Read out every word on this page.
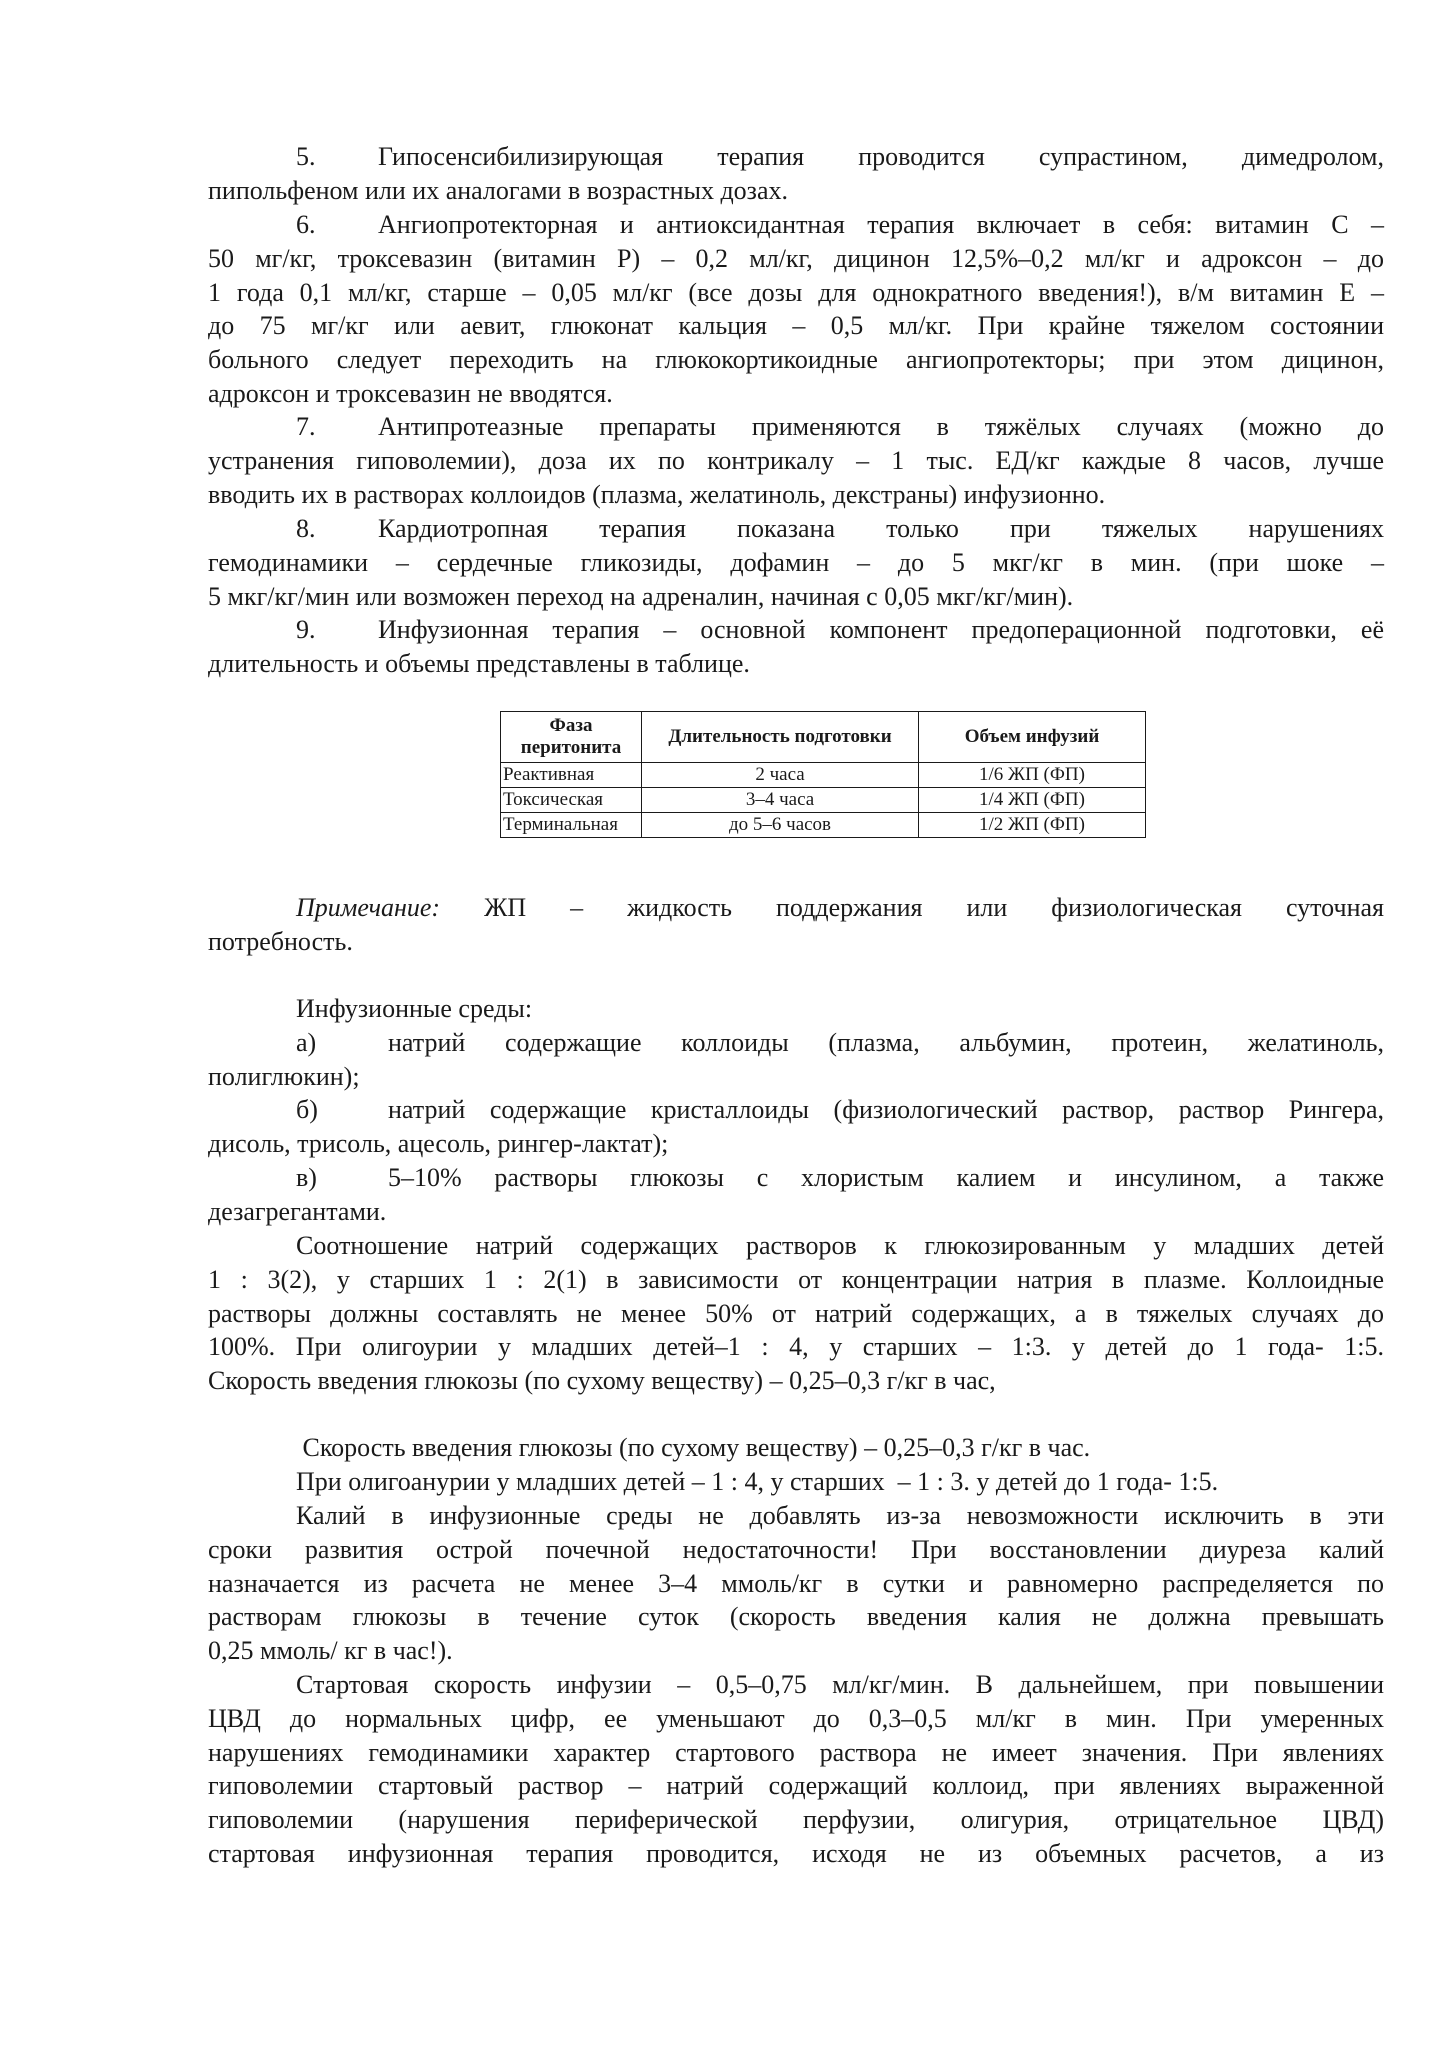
5. Гипосенсибилизирующая терапия проводится супрастином, димедролом,
пипольфеном или их аналогами в возрастных дозах.
6. Ангиопротекторная и антиоксидантная терапия включает в себя: витамин С –
50 мг/кг, троксевазин (витамин Р) – 0,2 мл/кг, дицинон 12,5%–0,2 мл/кг и адроксон – до
1 года 0,1 мл/кг, старше – 0,05 мл/кг (все дозы для однократного введения!), в/м витамин Е –
до 75 мг/кг или аевит, глюконат кальция – 0,5 мл/кг. При крайне тяжелом состоянии
больного следует переходить на глюкокортикоидные ангиопротекторы; при этом дицинон,
адроксон и троксевазин не вводятся.
7. Антипротеазные препараты применяются в тяжёлых случаях (можно до
устранения гиповолемии), доза их по контрикалу – 1 тыс. ЕД/кг каждые 8 часов, лучше
вводить их в растворах коллоидов (плазма, желатиноль, декстраны) инфузионно.
8. Кардиотропная терапия показана только при тяжелых нарушениях
гемодинамики – сердечные гликозиды, дофамин – до 5 мкг/кг в мин. (при шоке –
5 мкг/кг/мин или возможен переход на адреналин, начиная с 0,05 мкг/кг/мин).
9. Инфузионная терапия – основной компонент предоперационной подготовки, её
длительность и объемы представлены в таблице.
Фаза перитонита	Длительность подготовки	Объем инфузий
Реактивная	2 часа	1/6 ЖП (ФП)
Токсическая	3–4 часа	1/4 ЖП (ФП)
Терминальная	до 5–6 часов	1/2 ЖП (ФП)
Примечание: ЖП – жидкость поддержания или физиологическая суточная
потребность.
Инфузионные среды:
а)	натрий содержащие коллоиды (плазма, альбумин, протеин, желатиноль,
полиглюкин);
б)	натрий содержащие кристаллоиды (физиологический раствор, раствор Рингера,
дисоль, трисоль, ацесоль, рингер-лактат);
в)	5–10% растворы глюкозы с хлористым калием и инсулином, а также
дезагрегантами.
Соотношение натрий содержащих растворов к глюкозированным у младших детей
1 : 3(2), у старших 1 : 2(1) в зависимости от концентрации натрия в плазме. Коллоидные
растворы должны составлять не менее 50% от натрий содержащих, а в тяжелых случаях до
100%. При олигоурии у младших детей–1 : 4, у старших – 1:3. у детей до 1 года- 1:5.
Скорость введения глюкозы (по сухому веществу) – 0,25–0,3 г/кг в час,
Скорость введения глюкозы (по сухому веществу) – 0,25–0,3 г/кг в час.
При олигоанурии у младших детей – 1 : 4, у старших  – 1 : 3. у детей до 1 года- 1:5.
Калий в инфузионные среды не добавлять из-за невозможности исключить в эти
сроки развития острой почечной недостаточности! При восстановлении диуреза калий
назначается из расчета не менее 3–4 ммоль/кг в сутки и равномерно распределяется по
растворам глюкозы в течение суток (скорость введения калия не должна превышать
0,25 ммоль/ кг в час!).
Стартовая скорость инфузии – 0,5–0,75 мл/кг/мин. В дальнейшем, при повышении
ЦВД до нормальных цифр, ее уменьшают до 0,3–0,5 мл/кг в мин. При умеренных
нарушениях гемодинамики характер стартового раствора не имеет значения. При явлениях
гиповолемии стартовый раствор – натрий содержащий коллоид, при явлениях выраженной
гиповолемии (нарушения периферической перфузии, олигурия, отрицательное ЦВД)
стартовая инфузионная терапия проводится, исходя не из объемных расчетов, а из
